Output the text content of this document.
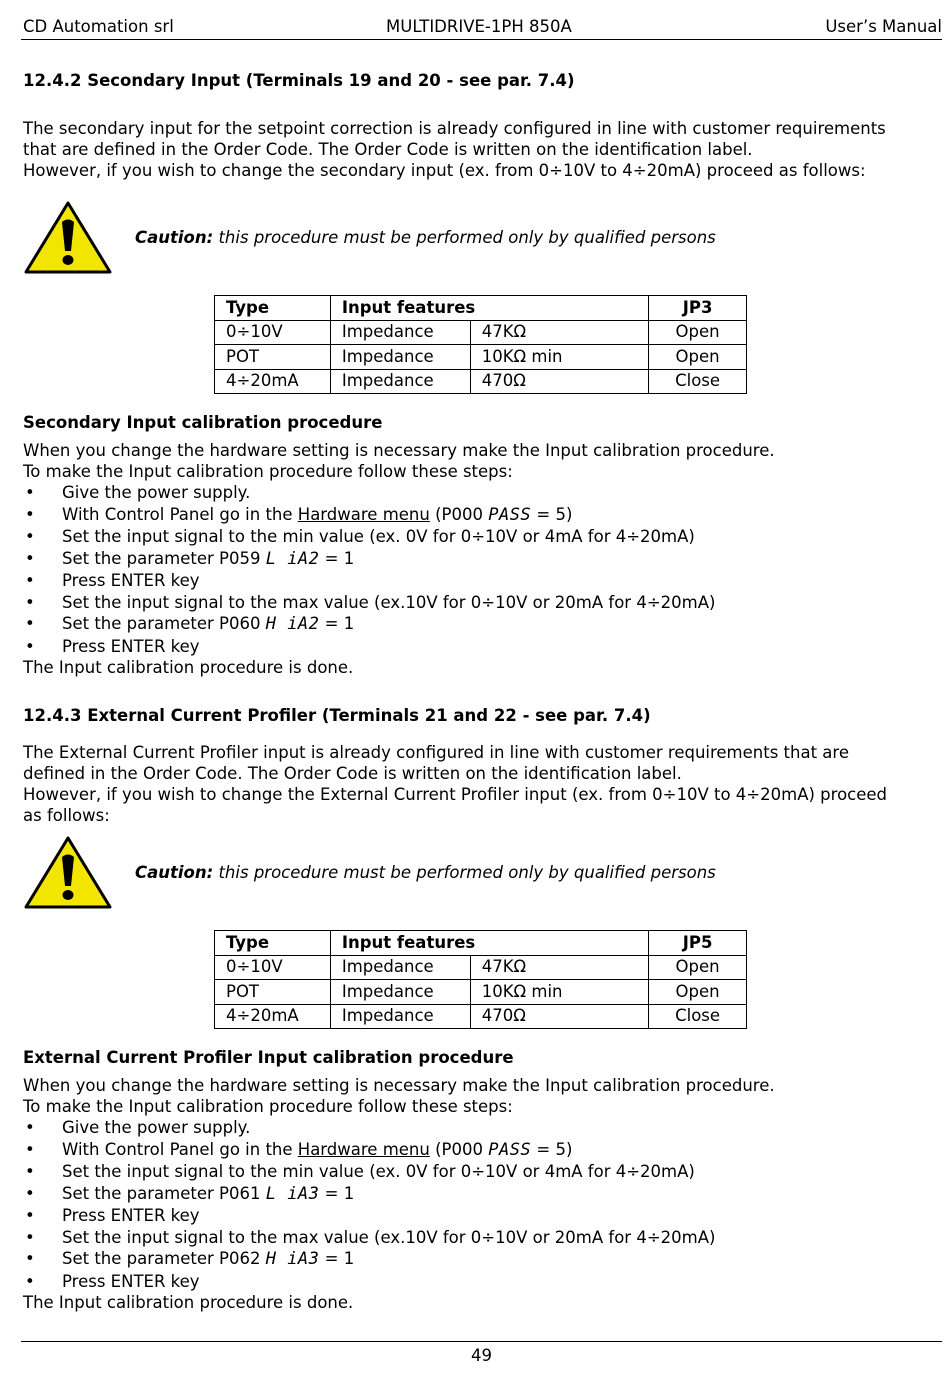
CD Automation srl	MULTIDRIVE-1PH 850A	User’s Manual
12.4.2 Secondary Input (Terminals 19 and 20 - see par. 7.4)

The secondary input for the setpoint correction is already configured in line with customer requirements

that are defined in the Order Code. The Order Code is written on the identification label.

However, if you wish to change the secondary input (ex. from 0÷10V to 4÷20mA) proceed as follows:

Caution: this procedure must be performed only by qualified persons
Type	Input features		JP3
0÷10V	Impedance	47KΩ	Open
POT	Impedance	10KΩ min	Open
4÷20mA	Impedance	470Ω	Close
Secondary Input calibration procedure

When you change the hardware setting is necessary make the Input calibration procedure.

To make the Input calibration procedure follow these steps:

• Give the power supply.
• With Control Panel go in the Hardware menu (P000 PASS = 5)
• Set the input signal to the min value (ex. 0V for 0÷10V or 4mA for 4÷20mA)
• Set the parameter P059 L iA2 = 1
• Press ENTER key
• Set the input signal to the max value (ex.10V for 0÷10V or 20mA for 4÷20mA)
• Set the parameter P060 H iA2 = 1
• Press ENTER key

The Input calibration procedure is done.

12.4.3 External Current Profiler (Terminals 21 and 22 - see par. 7.4)

The External Current Profiler input is already configured in line with customer requirements that are

defined in the Order Code. The Order Code is written on the identification label.

However, if you wish to change the External Current Profiler input (ex. from 0÷10V to 4÷20mA) proceed

as follows:

Caution: this procedure must be performed only by qualified persons
Type	Input features		JP5
0÷10V	Impedance	47KΩ	Open
POT	Impedance	10KΩ min	Open
4÷20mA	Impedance	470Ω	Close
External Current Profiler Input calibration procedure

When you change the hardware setting is necessary make the Input calibration procedure.

To make the Input calibration procedure follow these steps:

• Give the power supply.
• With Control Panel go in the Hardware menu (P000 PASS = 5)
• Set the input signal to the min value (ex. 0V for 0÷10V or 4mA for 4÷20mA)
• Set the parameter P061 L iA3 = 1
• Press ENTER key
• Set the input signal to the max value (ex.10V for 0÷10V or 20mA for 4÷20mA)
• Set the parameter P062 H iA3 = 1
• Press ENTER key

The Input calibration procedure is done.

49
